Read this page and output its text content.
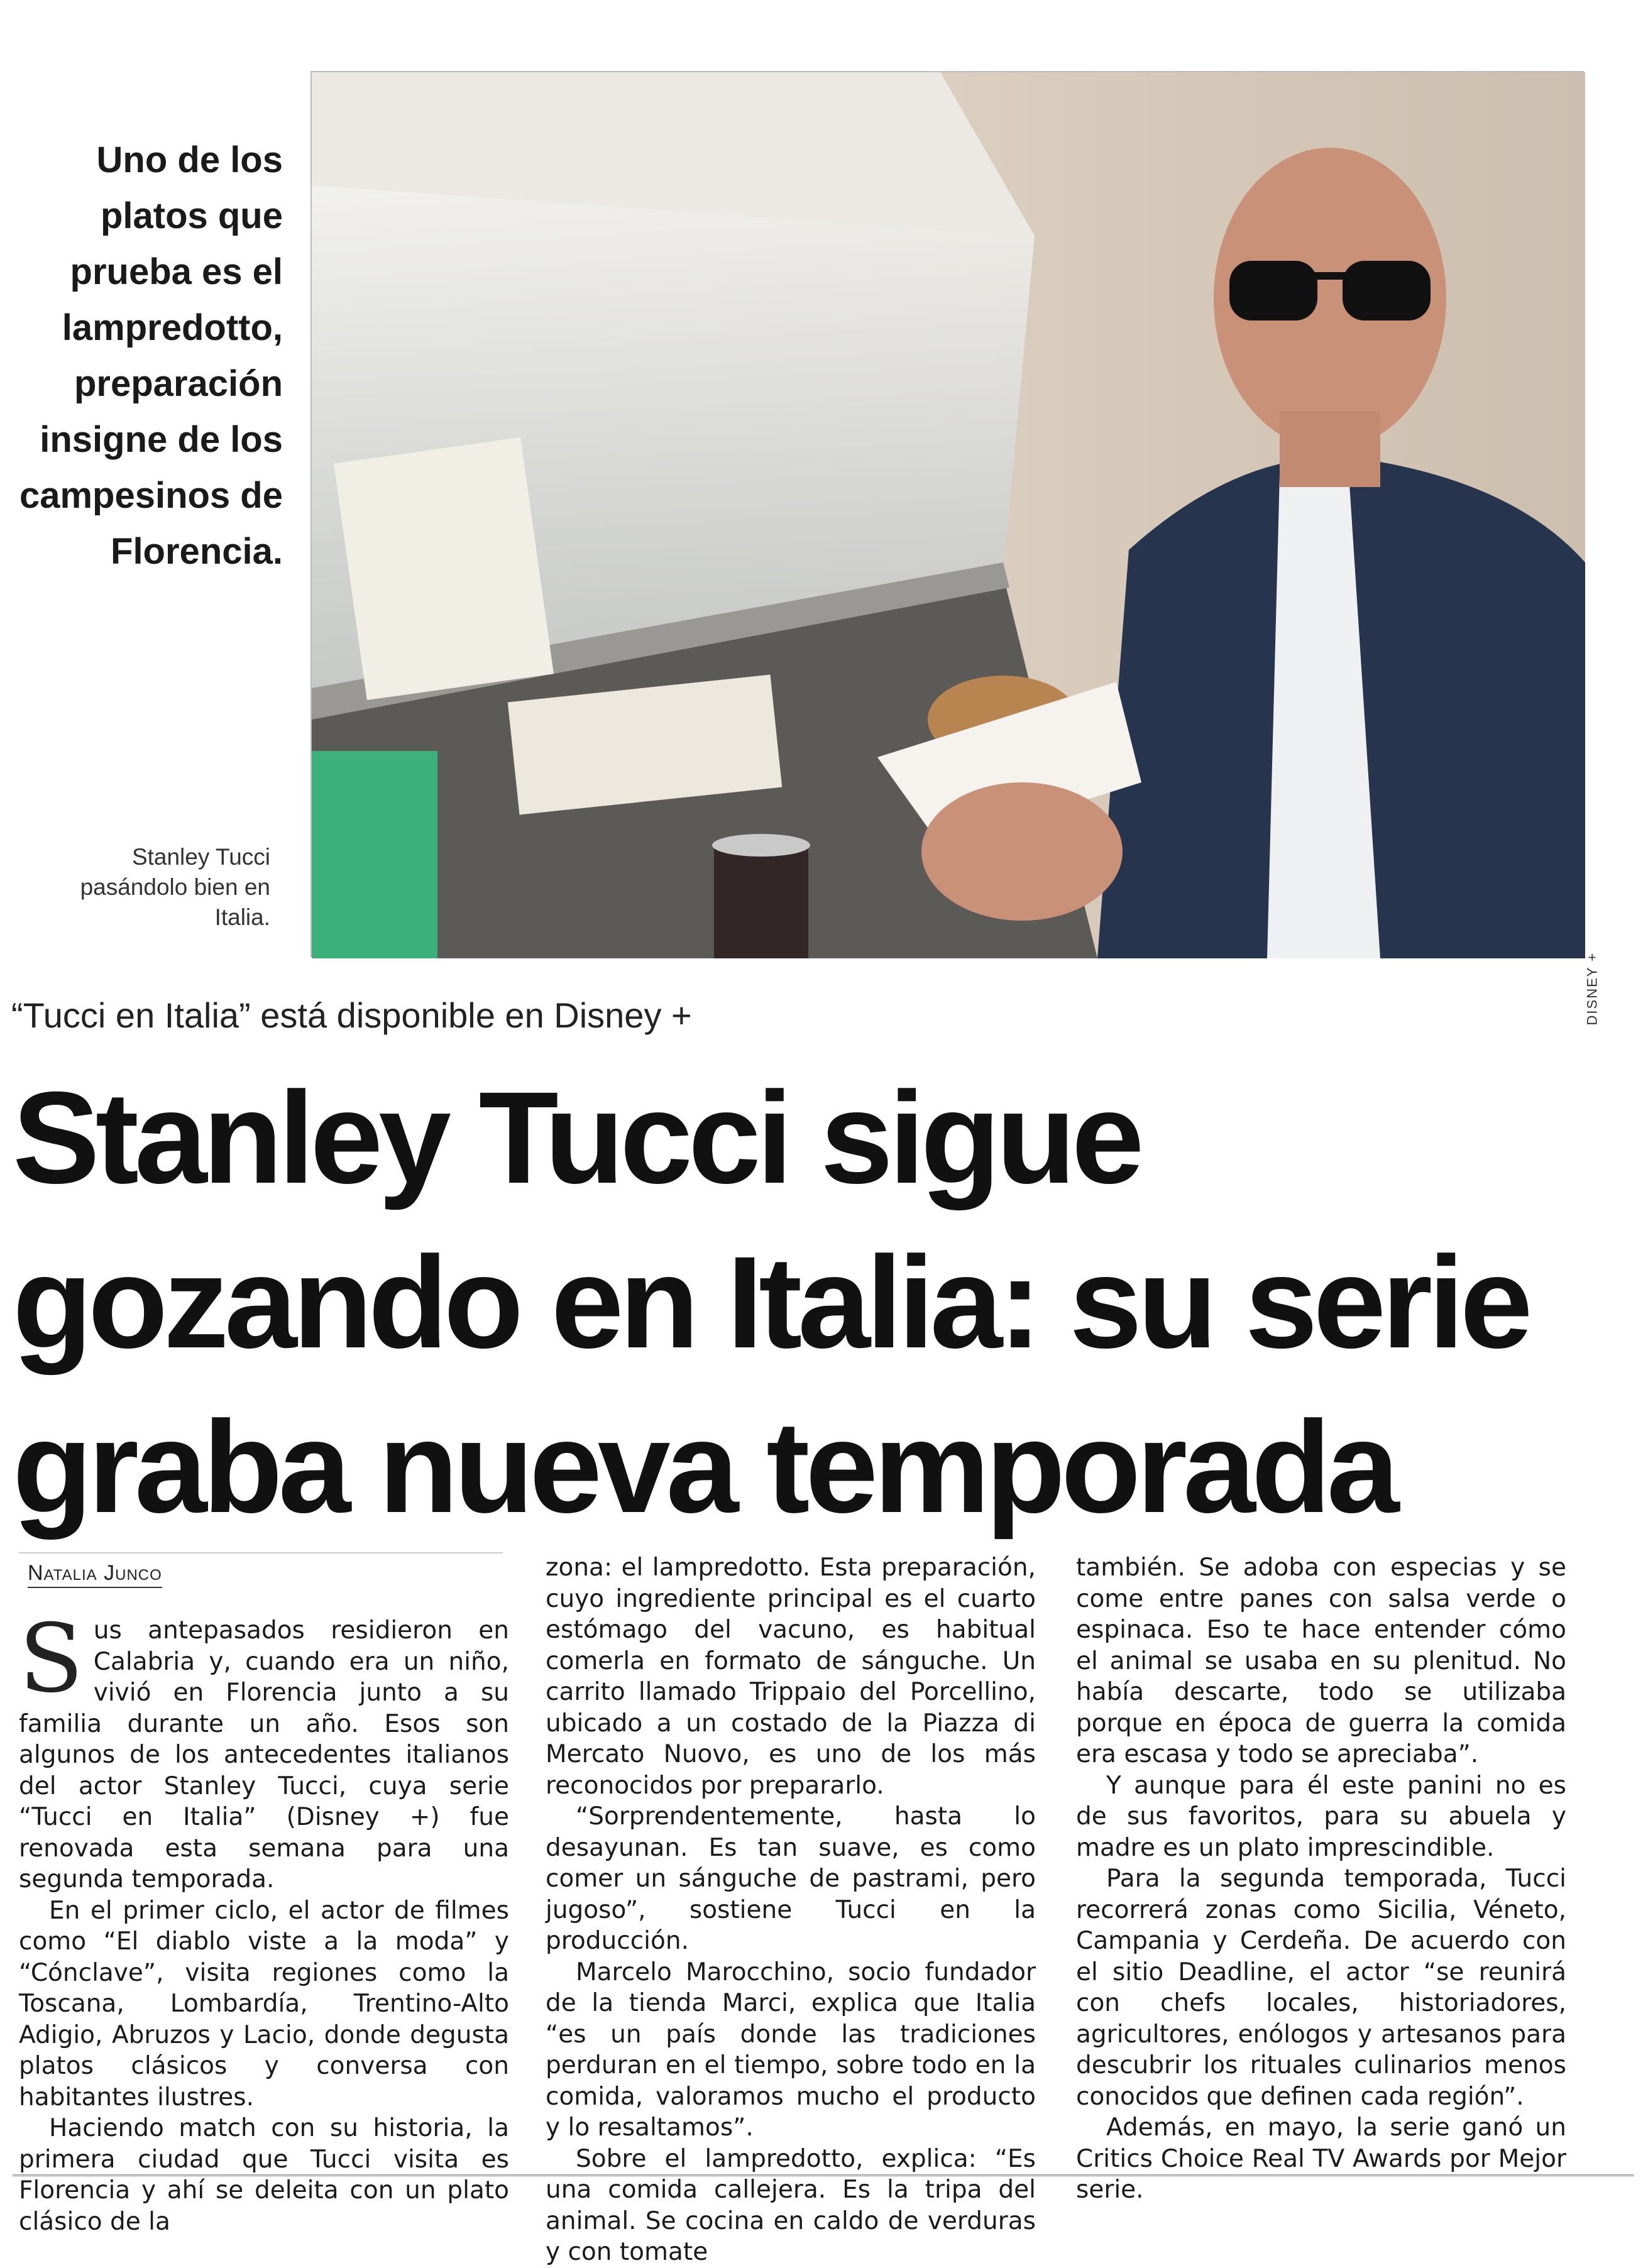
Uno de los platos que prueba es el lampredotto, preparación insigne de los campesinos de Florencia.
Stanley Tucci pasándolo bien en Italia.
DISNEY +
“Tucci en Italia” está disponible en Disney +
Stanley Tucci sigue gozando en Italia: su serie graba nueva temporada
Natalia Junco

Sus antepasados residieron en Calabria y, cuando era un niño, vivió en Florencia junto a su familia durante un año. Esos son algunos de los antecedentes italianos del actor Stanley Tucci, cuya serie “Tucci en Italia” (Disney +) fue renovada esta semana para una segunda temporada.

En el primer ciclo, el actor de filmes como “El diablo viste a la moda” y “Cónclave”, visita regiones como la Toscana, Lombardía, Trentino-Alto Adigio, Abruzos y Lacio, donde degusta platos clásicos y conversa con habitantes ilustres.

Haciendo match con su historia, la primera ciudad que Tucci visita es Florencia y ahí se deleita con un plato clásico de la

zona: el lampredotto. Esta preparación, cuyo ingrediente principal es el cuarto estómago del vacuno, es habitual comerla en formato de sánguche. Un carrito llamado Trippaio del Porcellino, ubicado a un costado de la Piazza di Mercato Nuovo, es uno de los más reconocidos por prepararlo.

“Sorprendentemente, hasta lo desayunan. Es tan suave, es como comer un sánguche de pastrami, pero jugoso”, sostiene Tucci en la producción.

Marcelo Marocchino, socio fundador de la tienda Marci, explica que Italia “es un país donde las tradiciones perduran en el tiempo, sobre todo en la comida, valoramos mucho el producto y lo resaltamos”.

Sobre el lampredotto, explica: “Es una comida callejera. Es la tripa del animal. Se cocina en caldo de verduras y con tomate

también. Se adoba con especias y se come entre panes con salsa verde o espinaca. Eso te hace entender cómo el animal se usaba en su plenitud. No había descarte, todo se utilizaba porque en época de guerra la comida era escasa y todo se apreciaba”.

Y aunque para él este panini no es de sus favoritos, para su abuela y madre es un plato imprescindible.

Para la segunda temporada, Tucci recorrerá zonas como Sicilia, Véneto, Campania y Cerdeña. De acuerdo con el sitio Deadline, el actor “se reunirá con chefs locales, historiadores, agricultores, enólogos y artesanos para descubrir los rituales culinarios menos conocidos que definen cada región”.

Además, en mayo, la serie ganó un Critics Choice Real TV Awards por Mejor serie.
